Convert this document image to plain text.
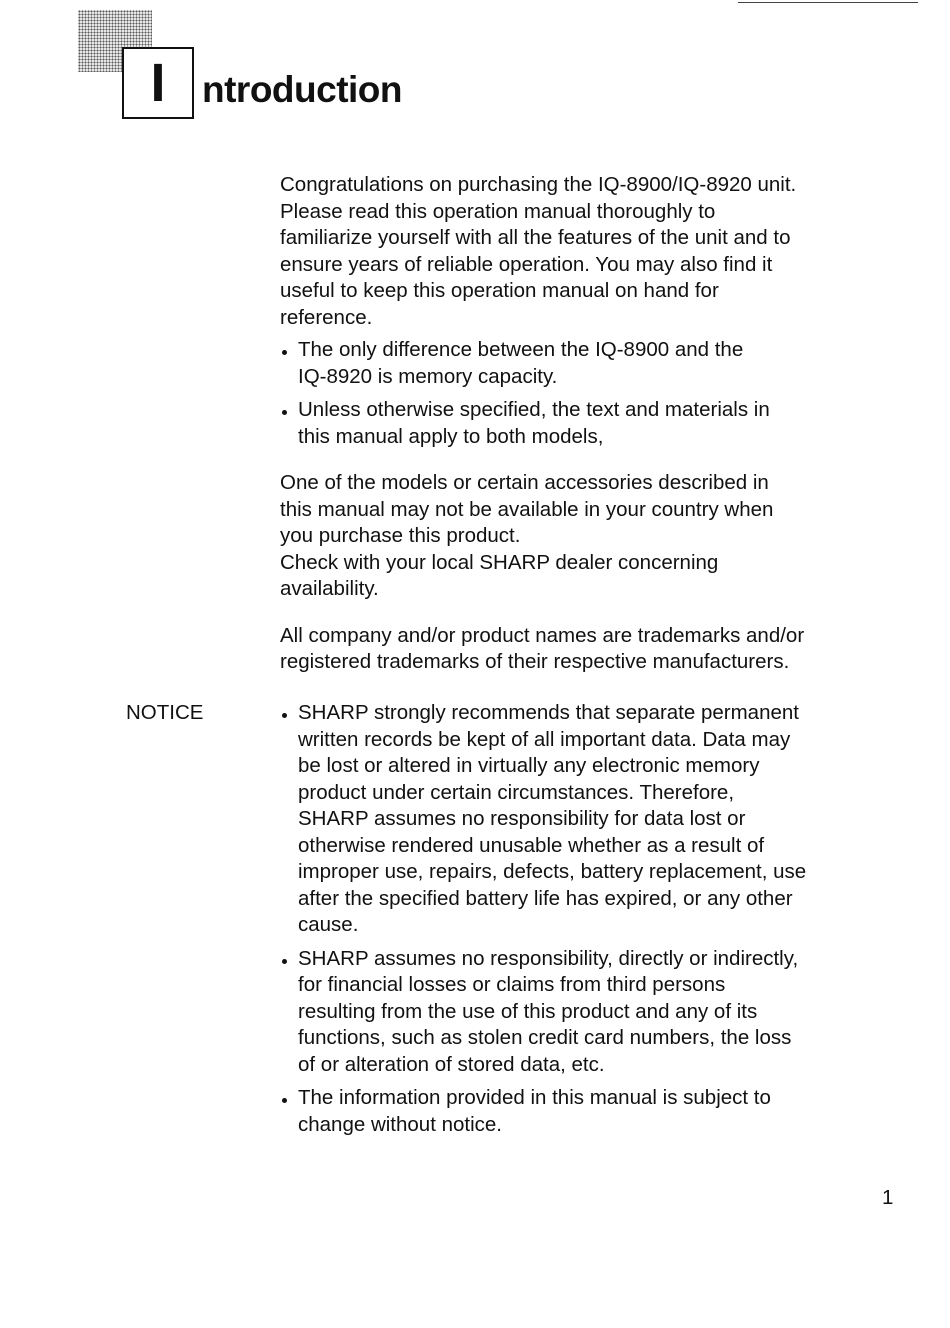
I ntroduction

Congratulations on purchasing the IQ-8900/IQ-8920 unit.
Please read this operation manual thoroughly to
familiarize yourself with all the features of the unit and to
ensure years of reliable operation. You may also find it
useful to keep this operation manual on hand for
reference.

The only difference between the IQ-8900 and the
IQ-8920 is memory capacity.
Unless otherwise specified, the text and materials in
this manual apply to both models,

One of the models or certain accessories described in
this manual may not be available in your country when
you purchase this product.
Check with your local SHARP dealer concerning
availability.

All company and/or product names are trademarks and/or
registered trademarks of their respective manufacturers.

NOTICE	SHARP strongly recommends that separate permanent
written records be kept of all important data. Data may
be lost or altered in virtually any electronic memory
product under certain circumstances. Therefore,
SHARP assumes no responsibility for data lost or
otherwise rendered unusable whether as a result of
improper use, repairs, defects, battery replacement, use
after the specified battery life has expired, or any other
cause.
SHARP assumes no responsibility, directly or indirectly,
for financial losses or claims from third persons
resulting from the use of this product and any of its
functions, such as stolen credit card numbers, the loss
of or alteration of stored data, etc.
The information provided in this manual is subject to
change without notice.
1
